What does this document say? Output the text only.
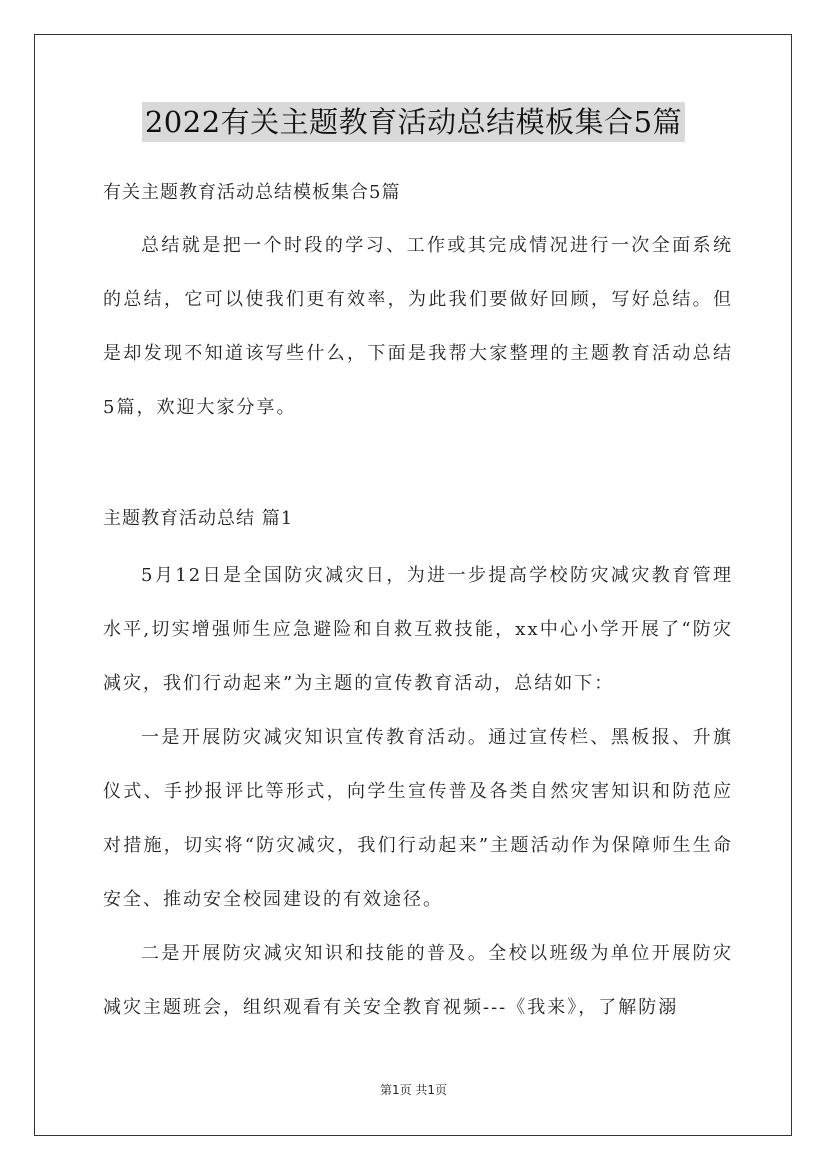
2022有关主题教育活动总结模板集合5篇
有关主题教育活动总结模板集合5篇

总结就是把一个时段的学习、工作或其完成情况进行一次全面系统的总结，它可以使我们更有效率，为此我们要做好回顾，写好总结。但是却发现不知道该写些什么，下面是我帮大家整理的主题教育活动总结5篇，欢迎大家分享。

主题教育活动总结 篇1

5月12日是全国防灾减灾日，为进一步提高学校防灾减灾教育管理水平,切实增强师生应急避险和自救互救技能，xx中心小学开展了“防灾减灾，我们行动起来”为主题的宣传教育活动，总结如下：

一是开展防灾减灾知识宣传教育活动。通过宣传栏、黑板报、升旗仪式、手抄报评比等形式，向学生宣传普及各类自然灾害知识和防范应对措施，切实将“防灾减灾，我们行动起来”主题活动作为保障师生生命安全、推动安全校园建设的有效途径。

二是开展防灾减灾知识和技能的普及。全校以班级为单位开展防灾减灾主题班会，组织观看有关安全教育视频---《我来》，了解防溺

第1页 共1页
